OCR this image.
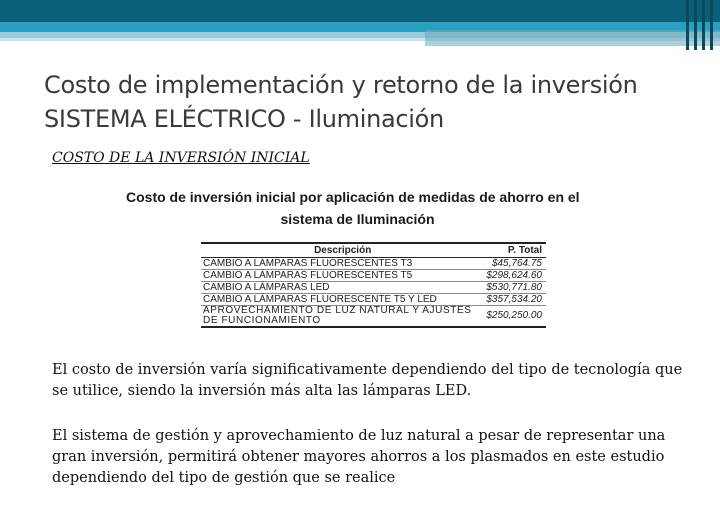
Costo de implementación y retorno de la inversión
SISTEMA ELÉCTRICO - Iluminación
COSTO DE LA INVERSIÓN INICIAL
Costo de inversión inicial por aplicación de medidas de ahorro en el
sistema de Iluminación
Descripción	P. Total
CAMBIO A LÁMPARAS FLUORESCENTES T3	$45,764.75
CAMBIO A LÁMPARAS FLUORESCENTES T5	$298,624.60
CAMBIO A LÁMPARAS LED	$530,771.80
CAMBIO A LÁMPARAS FLUORESCENTE T5 Y LED	$357,534.20
APROVECHAMIENTO DE LUZ NATURAL Y AJUSTES DE FUNCIONAMIENTO	$250,250.00
El costo de inversión varía significativamente dependiendo del tipo de tecnología que se utilice, siendo la inversión más alta las lámparas LED.
El sistema de gestión y aprovechamiento de luz natural a pesar de representar una gran inversión, permitirá obtener mayores ahorros a los plasmados en este estudio dependiendo del tipo de gestión que se realice
